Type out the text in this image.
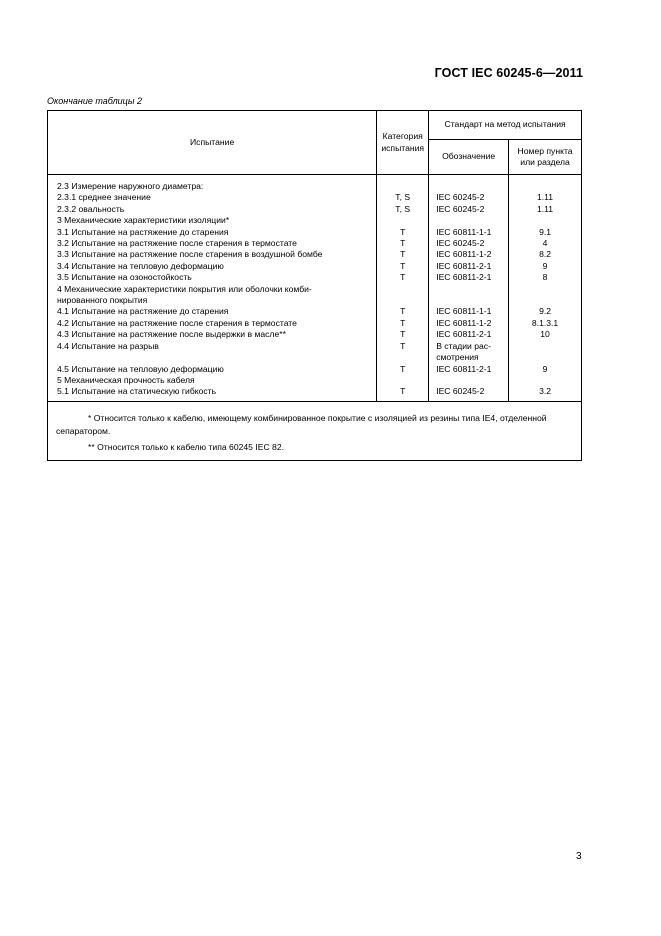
ГОСТ IEC 60245-6—2011
Окончание таблицы 2
Испытание	Категория испытания	Стандарт на метод испытания	
		Обозначение	Номер пункта или раздела
2.3 Измерение наружного диаметра:			
2.3.1 среднее значение	T, S	IEC 60245-2	1.11
2.3.2 овальность	T, S	IEC 60245-2	1.11
3 Механические характеристики изоляции*			
3.1 Испытание на растяжение до старения	T	IEC 60811-1-1	9.1
3.2 Испытание на растяжение после старения в термостате	T	IEC 60245-2	4
3.3 Испытание на растяжение после старения в воздушной бомбе	T	IEC 60811-1-2	8.2
3.4 Испытание на тепловую деформацию	T	IEC 60811-2-1	9
3.5 Испытание на озоностойкость	T	IEC 60811-2-1	8
4 Механические характеристики покрытия или оболочки комби-			
нированного покрытия			
4.1 Испытание на растяжение до старения	T	IEC 60811-1-1	9.2
4.2 Испытание на растяжение после старения в термостате	T	IEC 60811-1-2	8.1.3.1
4.3 Испытание на растяжение после выдержки в масле**	T	IEC 60811-2-1	10
4.4 Испытание на разрыв	T	В стадии рас-	
		смотрения	
4.5 Испытание на тепловую деформацию	T	IEC 60811-2-1	9
5 Механическая прочность кабеля			
5.1 Испытание на статическую гибкость	T	IEC 60245-2	3.2

* Относится только к кабелю, имеющему комбинированное покрытие с изоляцией из резины типа IE4, отделенной сепаратором.
** Относится только к кабелю типа 60245 IEC 82.			
3
